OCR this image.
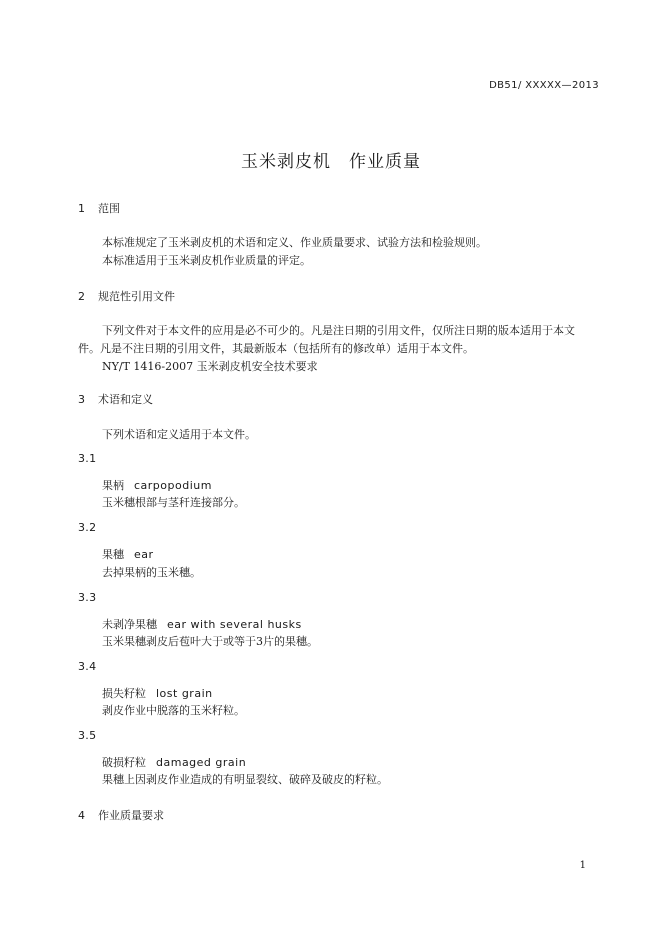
DB51/ XXXXX—2013
玉米剥皮机　作业质量
1 范围
本标准规定了玉米剥皮机的术语和定义、作业质量要求、试验方法和检验规则。
本标准适用于玉米剥皮机作业质量的评定。
2 规范性引用文件
下列文件对于本文件的应用是必不可少的。凡是注日期的引用文件，仅所注日期的版本适用于本文
件。凡是不注日期的引用文件，其最新版本（包括所有的修改单）适用于本文件。
NY/T 1416-2007 玉米剥皮机安全技术要求
3 术语和定义
下列术语和定义适用于本文件。
3.1
果柄 carpopodium
玉米穗根部与茎秆连接部分。
3.2
果穗 ear
去掉果柄的玉米穗。
3.3
未剥净果穗 ear with several husks
玉米果穗剥皮后苞叶大于或等于3片的果穗。
3.4
损失籽粒 lost grain
剥皮作业中脱落的玉米籽粒。
3.5
破损籽粒 damaged grain
果穗上因剥皮作业造成的有明显裂纹、破碎及破皮的籽粒。
4 作业质量要求
1
